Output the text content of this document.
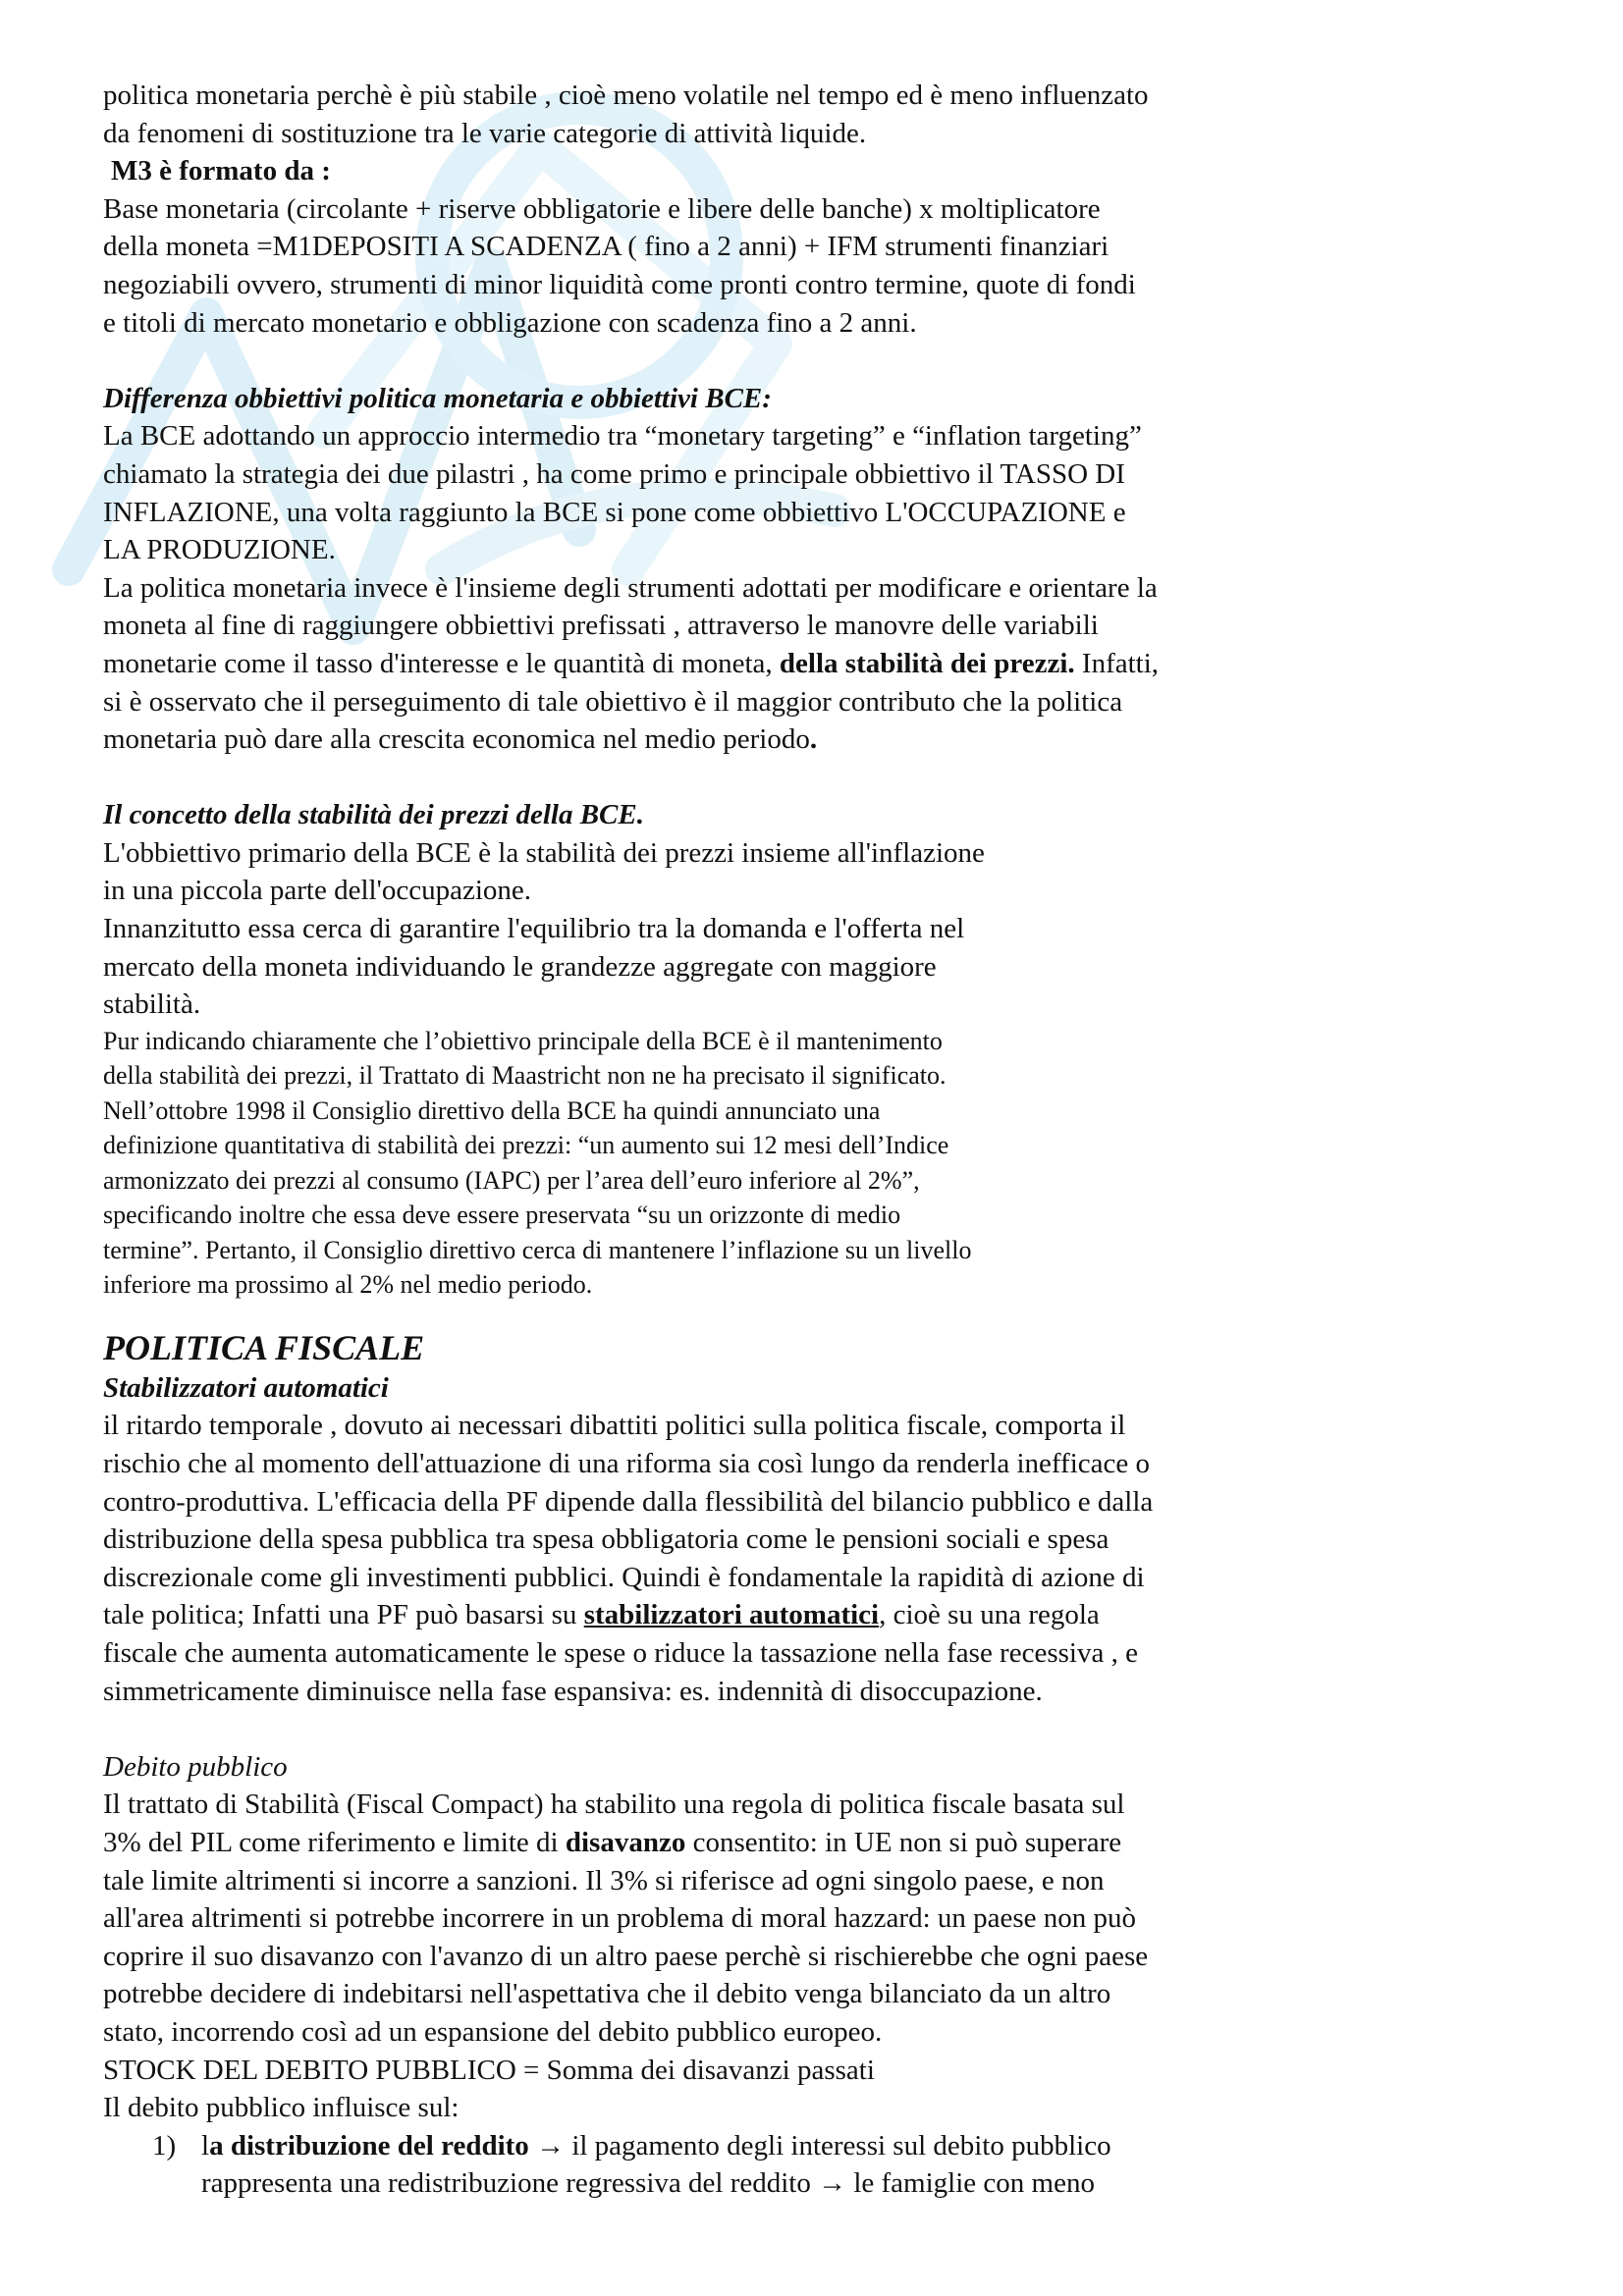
politica monetaria perchè è più stabile , cioè meno volatile nel tempo ed è meno influenzato

da fenomeni di sostituzione tra le varie categorie di attività liquide.

M3 è formato da :

Base monetaria (circolante + riserve obbligatorie e libere delle banche) x moltiplicatore

della moneta =M1DEPOSITI A SCADENZA ( fino a 2 anni) + IFM strumenti finanziari

negoziabili ovvero, strumenti di minor liquidità come pronti contro termine, quote di fondi

e titoli di mercato monetario e obbligazione con scadenza fino a 2 anni.

Differenza obbiettivi politica monetaria e obbiettivi BCE:

La BCE adottando un approccio intermedio tra “monetary targeting” e “inflation targeting”

chiamato la strategia dei due pilastri , ha come primo e principale obbiettivo il TASSO DI

INFLAZIONE, una volta raggiunto la BCE si pone come obbiettivo L'OCCUPAZIONE e

LA PRODUZIONE.

La politica monetaria invece è l'insieme degli strumenti adottati per modificare e orientare la

moneta al fine di raggiungere obbiettivi prefissati , attraverso le manovre delle variabili

monetarie come il tasso d'interesse e le quantità di moneta, della stabilità dei prezzi. Infatti,

si è osservato che il perseguimento di tale obiettivo è il maggior contributo che la politica

monetaria può dare alla crescita economica nel medio periodo.

Il concetto della stabilità dei prezzi della BCE.

L'obbiettivo primario della BCE è la stabilità dei prezzi insieme all'inflazione

in una piccola parte dell'occupazione.

Innanzitutto essa cerca di garantire l'equilibrio tra la domanda e l'offerta nel

mercato della moneta individuando le grandezze aggregate con maggiore

stabilità.

Pur indicando chiaramente che l’obiettivo principale della BCE è il mantenimento

della stabilità dei prezzi, il Trattato di Maastricht non ne ha precisato il significato.

Nell’ottobre 1998 il Consiglio direttivo della BCE ha quindi annunciato una

definizione quantitativa di stabilità dei prezzi: “un aumento sui 12 mesi dell’Indice

armonizzato dei prezzi al consumo (IAPC) per l’area dell’euro inferiore al 2%”,

specificando inoltre che essa deve essere preservata “su un orizzonte di medio

termine”. Pertanto, il Consiglio direttivo cerca di mantenere l’inflazione su un livello

inferiore ma prossimo al 2% nel medio periodo.

POLITICA FISCALE

Stabilizzatori automatici

il ritardo temporale , dovuto ai necessari dibattiti politici sulla politica fiscale, comporta il

rischio che al momento dell'attuazione di una riforma sia così lungo da renderla inefficace o

contro-produttiva. L'efficacia della PF dipende dalla flessibilità del bilancio pubblico e dalla

distribuzione della spesa pubblica tra spesa obbligatoria come le pensioni sociali e spesa

discrezionale come gli investimenti pubblici. Quindi è fondamentale la rapidità di azione di

tale politica; Infatti una PF può basarsi su stabilizzatori automatici, cioè su una regola

fiscale che aumenta automaticamente le spese o riduce la tassazione nella fase recessiva , e

simmetricamente diminuisce nella fase espansiva: es. indennità di disoccupazione.

Debito pubblico

Il trattato di Stabilità (Fiscal Compact) ha stabilito una regola di politica fiscale basata sul

3% del PIL come riferimento e limite di disavanzo consentito: in UE non si può superare

tale limite altrimenti si incorre a sanzioni. Il 3% si riferisce ad ogni singolo paese, e non

all'area altrimenti si potrebbe incorrere in un problema di moral hazzard: un paese non può

coprire il suo disavanzo con l'avanzo di un altro paese perchè si rischierebbe che ogni paese

potrebbe decidere di indebitarsi nell'aspettativa che il debito venga bilanciato da un altro

stato, incorrendo così ad un espansione del debito pubblico europeo.

STOCK DEL DEBITO PUBBLICO = Somma dei disavanzi passati

Il debito pubblico influisce sul:

1) la distribuzione del reddito → il pagamento degli interessi sul debito pubblico
rappresenta una redistribuzione regressiva del reddito → le famiglie con meno
